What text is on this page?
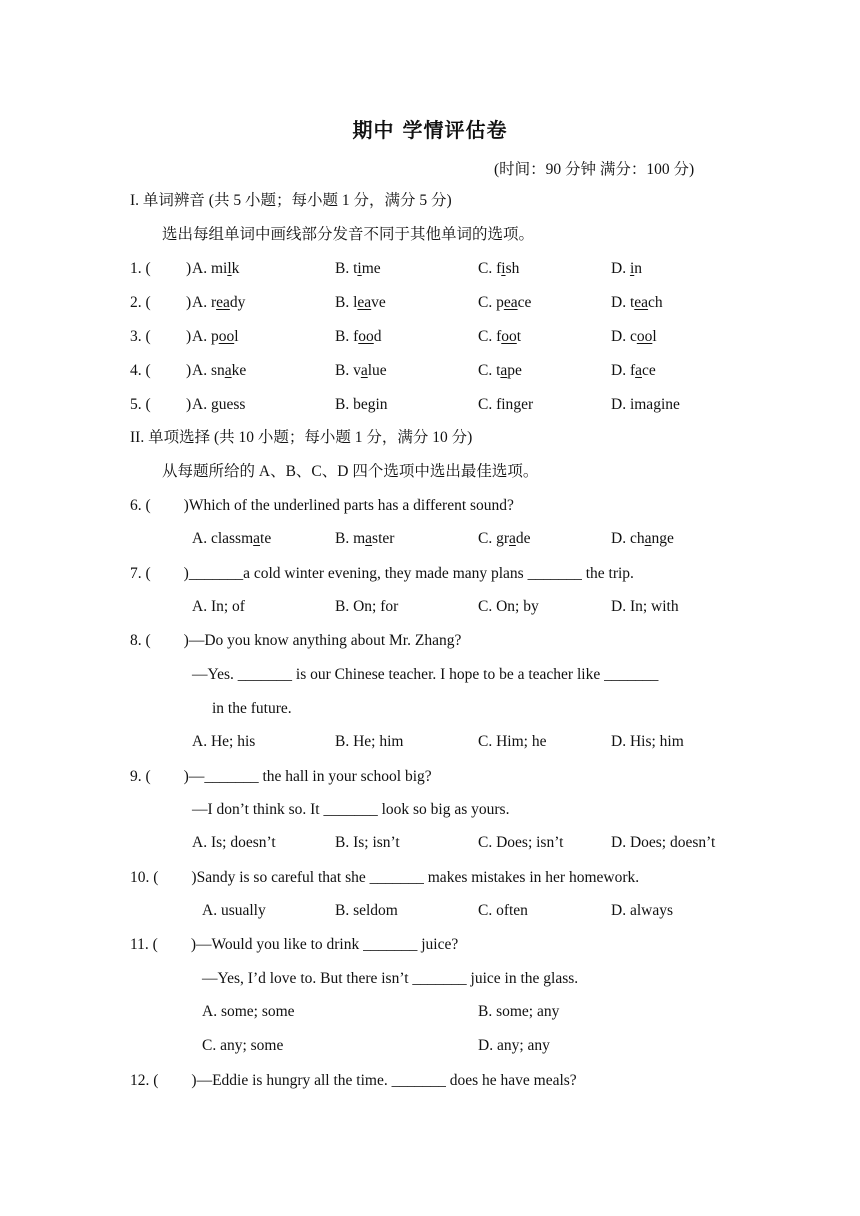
期中 学情评估卷
(时间：90 分钟 满分：100 分)
I. 单词辨音 (共 5 小题；每小题 1 分，满分 5 分)
选出每组单词中画线部分发音不同于其他单词的选项。
1. ( ) A. milk	B. time	C. fish	D. in
2. ( ) A. ready	B. leave	C. peace	D. teach
3. ( ) A. pool	B. food	C. foot	D. cool
4. ( ) A. snake	B. value	C. tape	D. face
5. ( ) A. guess	B. begin	C. finger	D. imagine
II. 单项选择 (共 10 小题；每小题 1 分，满分 10 分)
从每题所给的 A、B、C、D 四个选项中选出最佳选项。
6. ( )Which of the underlined parts has a different sound?
A. classmate	B. master	C. grade	D. change
7. ( )_______a cold winter evening, they made many plans _______ the trip.
A. In; of	B. On; for	C. On; by	D. In; with
8. ( )—Do you know anything about Mr. Zhang?
—Yes. _______ is our Chinese teacher. I hope to be a teacher like _______
in the future.
A. He; his	B. He; him	C. Him; he	D. His; him
9. ( )—_______ the hall in your school big?
—I don’t think so. It _______ look so big as yours.
A. Is; doesn’t	B. Is; isn’t	C. Does; isn’t	D. Does; doesn’t
10. ( )Sandy is so careful that she _______ makes mistakes in her homework.
A. usually	B. seldom	C. often	D. always
11. ( )—Would you like to drink _______ juice?
—Yes, I’d love to. But there isn’t _______ juice in the glass.
A. some; some	B. some; any
C. any; some	D. any; any
12. ( )—Eddie is hungry all the time. _______ does he have meals?
